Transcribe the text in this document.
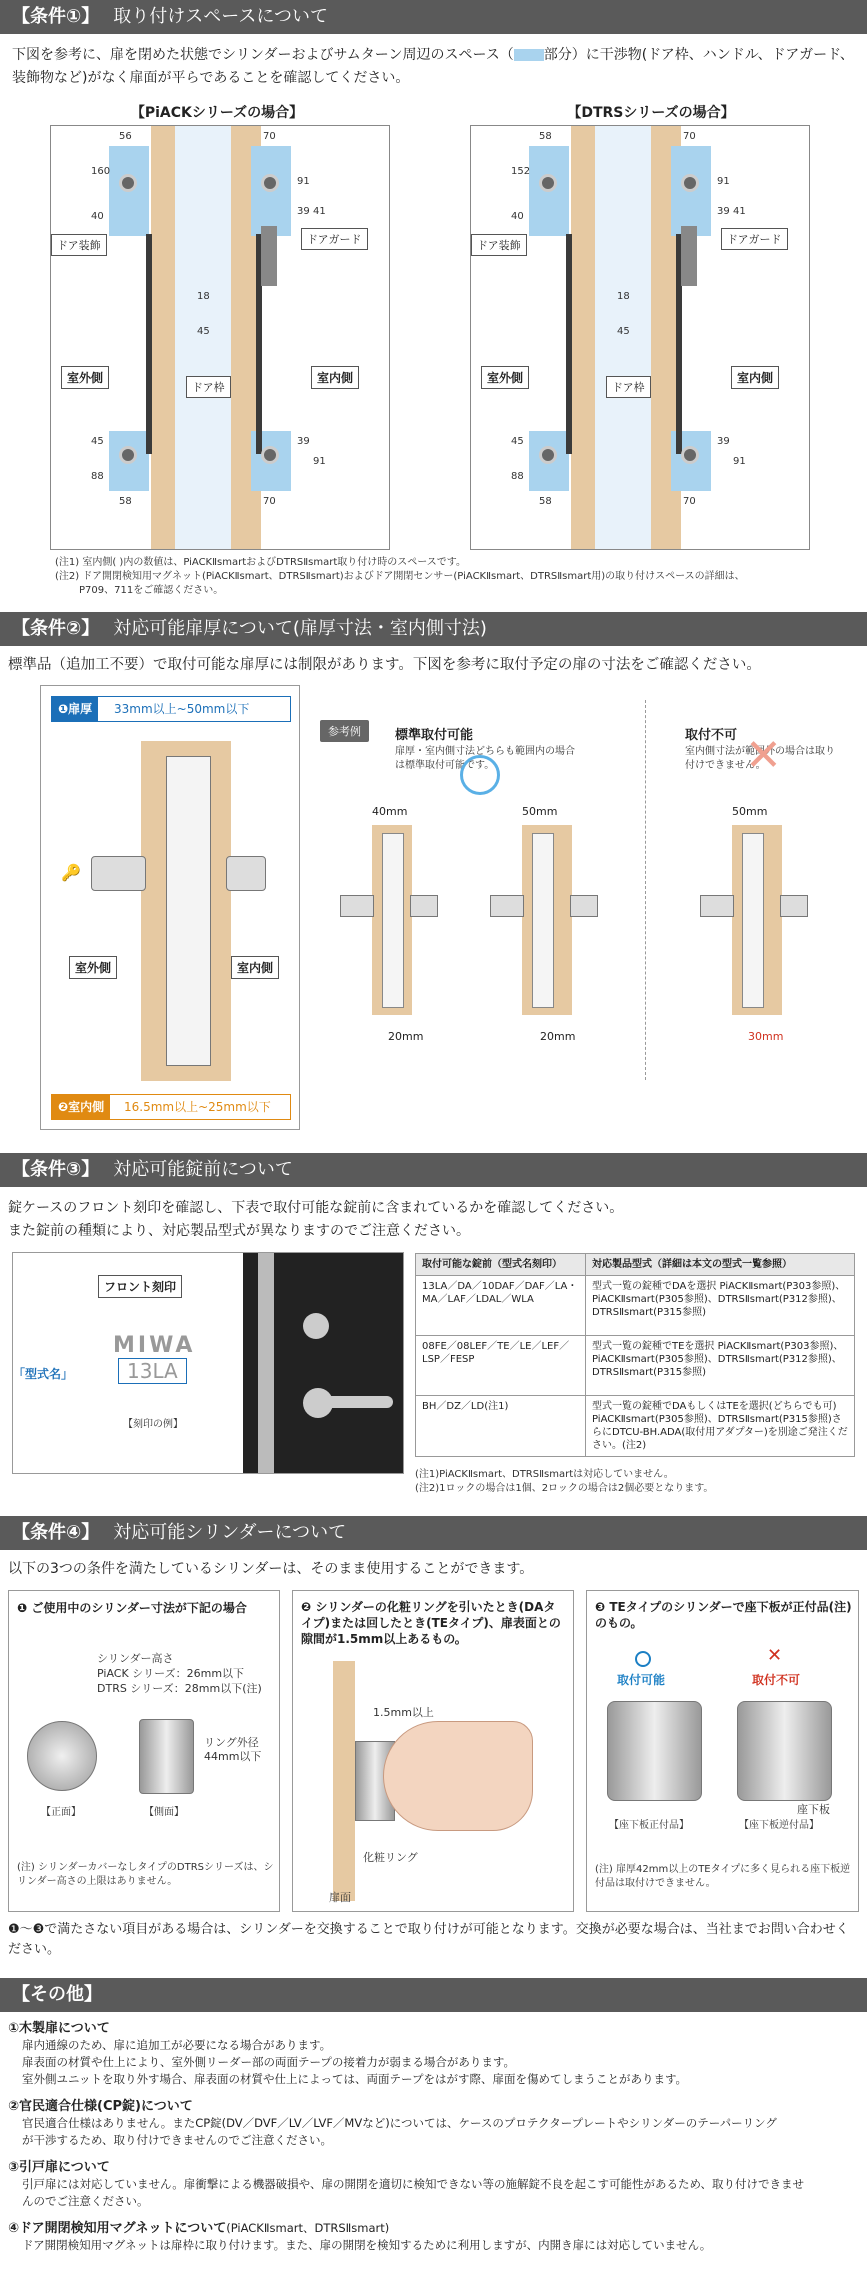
【条件①】 取り付けスペースについて
下図を参考に、扉を閉めた状態でシリンダーおよびサムターン周辺のスペース（ 部分）に干渉物(ドア枠、ハンドル、ドアガード、装飾物など)がなく扉面が平らであることを確認してください。
【PiACKシリーズの場合】	【DTRSシリーズの場合】
ドア装飾	ドアガード
ドア枠
室外側	室内側
56
160
40
18
45
70
91
39 41
45
88
58
39
91
70
ドア装飾	ドアガード
ドア枠
室外側	室内側
58
152
40
18
45
70
91
39 41
45
88
58
39
91
70
(注1) 室内側( )内の数値は、PiACKⅡsmartおよびDTRSⅡsmart取り付け時のスペースです。
(注2) ドア開閉検知用マグネット(PiACKⅡsmart、DTRSⅡsmart)およびドア開閉センサー(PiACKⅡsmart、DTRSⅡsmart用)の取り付けスペースの詳細は、
P709、711をご確認ください。
【条件②】 対応可能扉厚について(扉厚寸法・室内側寸法)
標準品（追加工不要）で取付可能な扉厚には制限があります。下図を参考に取付予定の扉の寸法をご確認ください。
❶扉厚	33mm以上~50mm以下
🔑
室外側	室内側
❷室内側	16.5mm以上~25mm以下
参考例	標準取付可能
扉厚・室内側寸法どちらも範囲内の場合は標準取付可能です。
取付不可
室内側寸法が範囲外の場合は取り付けできません。
✕
40mm
20mm
50mm
20mm
50mm
30mm
【条件③】 対応可能錠前について
錠ケースのフロント刻印を確認し、下表で取付可能な錠前に含まれているかを確認してください。
また錠前の種類により、対応製品型式が異なりますのでご注意ください。
フロント刻印
MIWA
13LA
「型式名」
【刻印の例】
取付可能な錠前（型式名刻印）	対応製品型式（詳細は本文の型式一覧参照）
13LA／DA／10DAF／DAF／LA・MA／LAF／LDAL／WLA	型式一覧の錠種でDAを選択 PiACKⅡsmart(P303参照)、PiACKⅡsmart(P305参照)、DTRSⅡsmart(P312参照)、DTRSⅡsmart(P315参照)
08FE／08LEF／TE／LE／LEF／LSP／FESP	型式一覧の錠種でTEを選択 PiACKⅡsmart(P303参照)、PiACKⅡsmart(P305参照)、DTRSⅡsmart(P312参照)、DTRSⅡsmart(P315参照)
BH／DZ／LD(注1)	型式一覧の錠種でDAもしくはTEを選択(どちらでも可) PiACKⅡsmart(P305参照)、DTRSⅡsmart(P315参照)さらにDTCU-BH.ADA(取付用アダプター)を別途ご発注ください。(注2)
(注1)PiACKⅡsmart、DTRSⅡsmartは対応していません。
(注2)1ロックの場合は1個、2ロックの場合は2個必要となります。
【条件④】 対応可能シリンダーについて
以下の3つの条件を満たしているシリンダーは、そのまま使用することができます。
❶ ご使用中のシリンダー寸法が下記の場合
シリンダー高さ
PiACK シリーズ：26mm以下
DTRS シリーズ：28mm以下(注)
リング外径 44mm以下
【正面】	【側面】
(注) シリンダーカバーなしタイプのDTRSシリーズは、シリンダー高さの上限はありません。
❷ シリンダーの化粧リングを引いたとき(DAタイプ)または回したとき(TEタイプ)、扉表面との隙間が1.5mm以上あるもの。
1.5mm以上
化粧リング
扉面
❸ TEタイプのシリンダーで座下板が正付品(注)のもの。
取付可能
✕
取付不可
座下板
【座下板正付品】	【座下板逆付品】
(注) 扉厚42mm以上のTEタイプに多く見られる座下板逆付品は取付けできません。
❶〜❸で満たさない項目がある場合は、シリンダーを交換することで取り付けが可能となります。交換が必要な場合は、当社までお問い合わせください。
【その他】
①木製扉について
扉内通線のため、扉に追加工が必要になる場合があります。
扉表面の材質や仕上により、室外側リーダー部の両面テープの接着力が弱まる場合があります。
室外側ユニットを取り外す場合、扉表面の材質や仕上によっては、両面テープをはがす際、扉面を傷めてしまうことがあります。
②官民適合仕様(CP錠)について
官民適合仕様はありません。またCP錠(DV／DVF／LV／LVF／MVなど)については、ケースのプロテクタープレートやシリンダーのテーパーリング
が干渉するため、取り付けできませんのでご注意ください。
③引戸扉について
引戸扉には対応していません。扉衝撃による機器破損や、扉の開閉を適切に検知できない等の施解錠不良を起こす可能性があるため、取り付けできませ
んのでご注意ください。
④ドア開閉検知用マグネットについて(PiACKⅡsmart、DTRSⅡsmart)
ドア開閉検知用マグネットは扉枠に取り付けます。また、扉の開閉を検知するために利用しますが、内開き扉には対応していません。
